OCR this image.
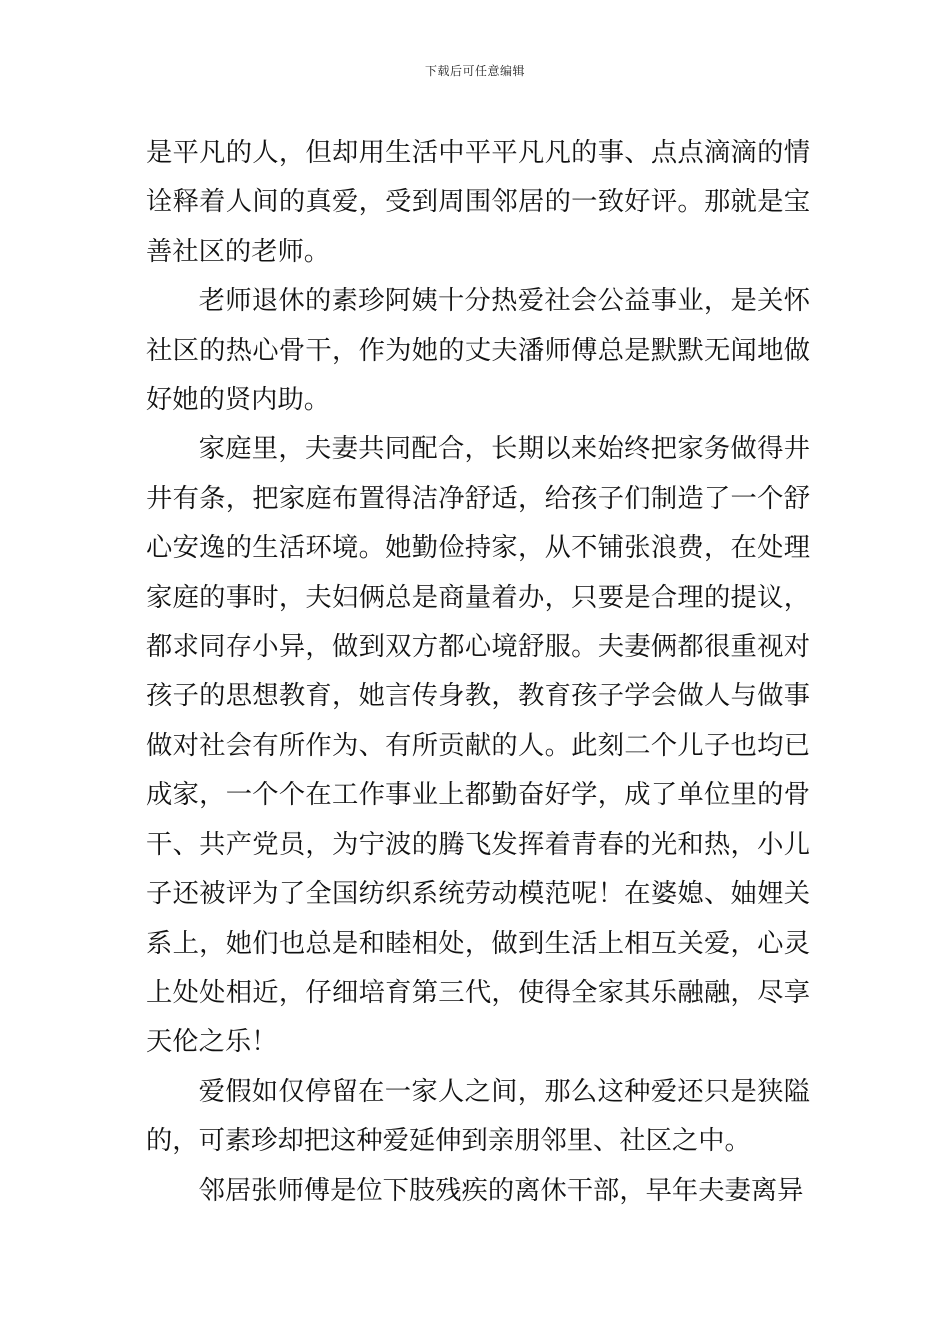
下载后可任意编辑

是平凡的人，但却用生活中平平凡凡的事、点点滴滴的情诠释着人间的真爱，受到周围邻居的一致好评。那就是宝善社区的老师。

老师退休的素珍阿姨十分热爱社会公益事业，是关怀社区的热心骨干，作为她的丈夫潘师傅总是默默无闻地做好她的贤内助。

家庭里，夫妻共同配合，长期以来始终把家务做得井井有条，把家庭布置得洁净舒适，给孩子们制造了一个舒心安逸的生活环境。她勤俭持家，从不铺张浪费，在处理家庭的事时，夫妇俩总是商量着办，只要是合理的提议，都求同存小异，做到双方都心境舒服。夫妻俩都很重视对孩子的思想教育，她言传身教，教育孩子学会做人与做事做对社会有所作为、有所贡献的人。此刻二个儿子也均已成家，一个个在工作事业上都勤奋好学，成了单位里的骨干、共产党员，为宁波的腾飞发挥着青春的光和热，小儿子还被评为了全国纺织系统劳动模范呢！在婆媳、妯娌关系上，她们也总是和睦相处，做到生活上相互关爱，心灵上处处相近，仔细培育第三代，使得全家其乐融融，尽享天伦之乐！

爱假如仅停留在一家人之间，那么这种爱还只是狭隘的，可素珍却把这种爱延伸到亲朋邻里、社区之中。

邻居张师傅是位下肢残疾的离休干部，早年夫妻离异
